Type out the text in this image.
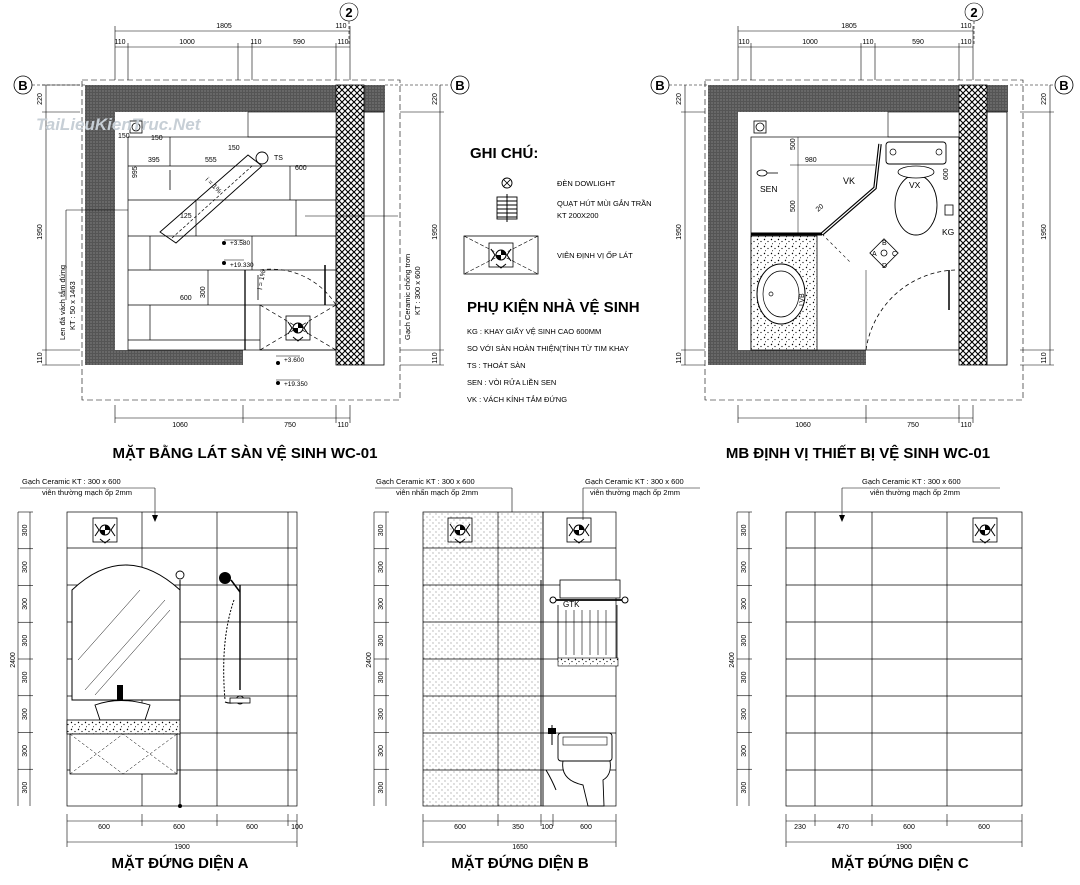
2
1805	110
110	1000	110	590	110
B	B
220
1950
110
220
1950
110
TS
150	150
395	555
150
600
995
600
300
125
i = 1%
i = 1%
+3.580
+19.330
+3.600
+19.350
Len đá vách tắm đứng KT : 50 x 1463	Gạch Ceramic chống trơn KT : 300 x 600
1060	750	110
TaiLieuKienTruc.Net
MẶT BẰNG LÁT SÀN VỆ SINH WC-01
GHI CHÚ:
ĐÈN DOWLIGHT
QUẠT HÚT MÙI GẮN TRẦN
KT 200X200
VIÊN ĐỊNH VỊ ỐP LÁT
PHỤ KIỆN NHÀ VỆ SINH
KG : KHAY GIẤY VỆ SINH CAO 600MM
SO VỚI SÀN HOÀN THIỆN(TÍNH TỪ TIM KHAY
TS : THOÁT SÀN
SEN : VÒI RỬA LIỀN SEN
VK : VÁCH KÍNH TẮM ĐỨNG
2
1805	110
110	1000	110	590	110
B	B
220
1950
110
220
1950
110
LVB
VK
SEN	VX
KG
A
B
C
D
500
980
500
600
20
1060	750	110
MB ĐỊNH VỊ THIẾT BỊ VỆ SINH WC-01
Gạch Ceramic KT : 300 x 600
viên thường mạch ốp 2mm
600	600	600	100
1900
2400
300
300
300
300
300
300
300
300
MẶT ĐỨNG DIỆN A
Gạch Ceramic KT : 300 x 600
viên nhấn mạch ốp 2mm
Gạch Ceramic KT : 300 x 600
viên thường mạch ốp 2mm
GTK
600	350 100	600
1650
2400
300
300
300
300
300
300
300
300
MẶT ĐỨNG DIỆN B
Gạch Ceramic KT : 300 x 600
viên thường mạch ốp 2mm
230	470	600	600
1900
2400
300
300
300
300
300
300
300
300
MẶT ĐỨNG DIỆN C
